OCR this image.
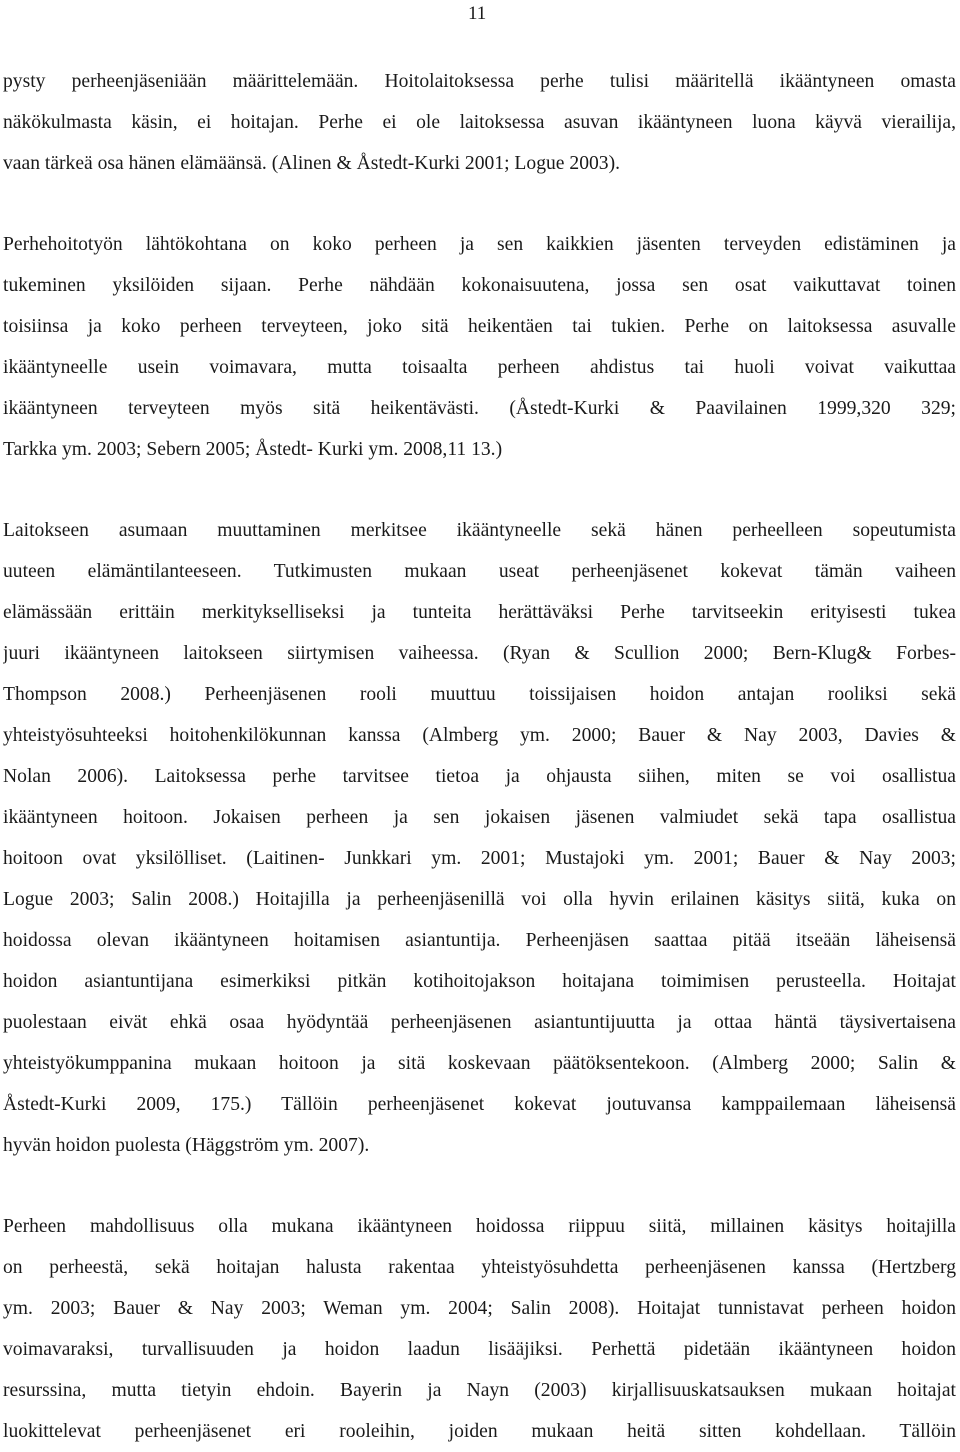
11

pysty perheenjäseniään määrittelemään. Hoitolaitoksessa perhe tulisi määritellä ikääntyneen omasta
näkökulmasta käsin, ei hoitajan. Perhe ei ole laitoksessa asuvan ikääntyneen luona käyvä vierailija,
vaan tärkeä osa hänen elämäänsä. (Alinen & Åstedt-Kurki 2001; Logue 2003).

Perhehoitotyön lähtökohtana on koko perheen ja sen kaikkien jäsenten terveyden edistäminen ja
tukeminen yksilöiden sijaan. Perhe nähdään kokonaisuutena, jossa sen osat vaikuttavat toinen
toisiinsa ja koko perheen terveyteen, joko sitä heikentäen tai tukien. Perhe on laitoksessa asuvalle
ikääntyneelle usein voimavara, mutta toisaalta perheen ahdistus tai huoli voivat vaikuttaa
ikääntyneen terveyteen myös sitä heikentävästi. (Åstedt-Kurki & Paavilainen 1999,320 329;
Tarkka ym. 2003; Sebern 2005; Åstedt- Kurki ym. 2008,11 13.)

Laitokseen asumaan muuttaminen merkitsee ikääntyneelle sekä hänen perheelleen sopeutumista
uuteen elämäntilanteeseen. Tutkimusten mukaan useat perheenjäsenet kokevat tämän vaiheen
elämässään erittäin merkitykselliseksi ja tunteita herättäväksi Perhe tarvitseekin erityisesti tukea
juuri ikääntyneen laitokseen siirtymisen vaiheessa. (Ryan & Scullion 2000; Bern-Klug& Forbes-
Thompson 2008.) Perheenjäsenen rooli muuttuu toissijaisen hoidon antajan rooliksi sekä
yhteistyösuhteeksi hoitohenkilökunnan kanssa (Almberg ym. 2000; Bauer & Nay 2003, Davies &
Nolan 2006). Laitoksessa perhe tarvitsee tietoa ja ohjausta siihen, miten se voi osallistua
ikääntyneen hoitoon. Jokaisen perheen ja sen jokaisen jäsenen valmiudet sekä tapa osallistua
hoitoon ovat yksilölliset. (Laitinen- Junkkari ym. 2001; Mustajoki ym. 2001; Bauer & Nay 2003;
Logue 2003; Salin 2008.) Hoitajilla ja perheenjäsenillä voi olla hyvin erilainen käsitys siitä, kuka on
hoidossa olevan ikääntyneen hoitamisen asiantuntija. Perheenjäsen saattaa pitää itseään läheisensä
hoidon asiantuntijana esimerkiksi pitkän kotihoitojakson hoitajana toimimisen perusteella. Hoitajat
puolestaan eivät ehkä osaa hyödyntää perheenjäsenen asiantuntijuutta ja ottaa häntä täysivertaisena
yhteistyökumppanina mukaan hoitoon ja sitä koskevaan päätöksentekoon. (Almberg 2000; Salin &
Åstedt-Kurki 2009, 175.) Tällöin perheenjäsenet kokevat joutuvansa kamppailemaan läheisensä
hyvän hoidon puolesta (Häggström ym. 2007).

Perheen mahdollisuus olla mukana ikääntyneen hoidossa riippuu siitä, millainen käsitys hoitajilla
on perheestä, sekä hoitajan halusta rakentaa yhteistyösuhdetta perheenjäsenen kanssa (Hertzberg
ym. 2003; Bauer & Nay 2003; Weman ym. 2004; Salin 2008). Hoitajat tunnistavat perheen hoidon
voimavaraksi, turvallisuuden ja hoidon laadun lisääjiksi. Perhettä pidetään ikääntyneen hoidon
resurssina, mutta tietyin ehdoin. Bayerin ja Nayn (2003) kirjallisuuskatsauksen mukaan hoitajat
luokittelevat perheenjäsenet eri rooleihin, joiden mukaan heitä sitten kohdellaan. Tällöin
